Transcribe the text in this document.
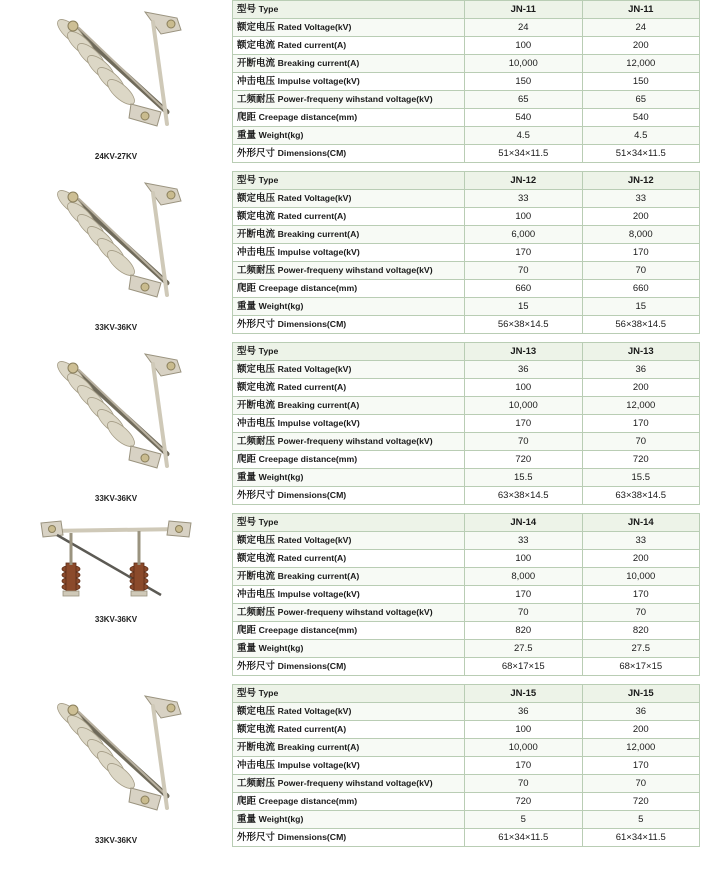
24KV-27KV
型号 Type	JN-11	JN-11
额定电压 Rated Voltage(kV)	24	24
额定电流 Rated current(A)	100	200
开断电流 Breaking current(A)	10,000	12,000
冲击电压 Impulse voltage(kV)	150	150
工频耐压 Power-frequeny wihstand voltage(kV)	65	65
爬距 Creepage distance(mm)	540	540
重量 Weight(kg)	4.5	4.5
外形尺寸 Dimensions(CM)	51×34×11.5	51×34×11.5
33KV-36KV
型号 Type	JN-12	JN-12
额定电压 Rated Voltage(kV)	33	33
额定电流 Rated current(A)	100	200
开断电流 Breaking current(A)	6,000	8,000
冲击电压 Impulse voltage(kV)	170	170
工频耐压 Power-frequeny wihstand voltage(kV)	70	70
爬距 Creepage distance(mm)	660	660
重量 Weight(kg)	15	15
外形尺寸 Dimensions(CM)	56×38×14.5	56×38×14.5
33KV-36KV
型号 Type	JN-13	JN-13
额定电压 Rated Voltage(kV)	36	36
额定电流 Rated current(A)	100	200
开断电流 Breaking current(A)	10,000	12,000
冲击电压 Impulse voltage(kV)	170	170
工频耐压 Power-frequeny wihstand voltage(kV)	70	70
爬距 Creepage distance(mm)	720	720
重量 Weight(kg)	15.5	15.5
外形尺寸 Dimensions(CM)	63×38×14.5	63×38×14.5
33KV-36KV
型号 Type	JN-14	JN-14
额定电压 Rated Voltage(kV)	33	33
额定电流 Rated current(A)	100	200
开断电流 Breaking current(A)	8,000	10,000
冲击电压 Impulse voltage(kV)	170	170
工频耐压 Power-frequeny wihstand voltage(kV)	70	70
爬距 Creepage distance(mm)	820	820
重量 Weight(kg)	27.5	27.5
外形尺寸 Dimensions(CM)	68×17×15	68×17×15
33KV-36KV
型号 Type	JN-15	JN-15
额定电压 Rated Voltage(kV)	36	36
额定电流 Rated current(A)	100	200
开断电流 Breaking current(A)	10,000	12,000
冲击电压 Impulse voltage(kV)	170	170
工频耐压 Power-frequeny wihstand voltage(kV)	70	70
爬距 Creepage distance(mm)	720	720
重量 Weight(kg)	5	5
外形尺寸 Dimensions(CM)	61×34×11.5	61×34×11.5
